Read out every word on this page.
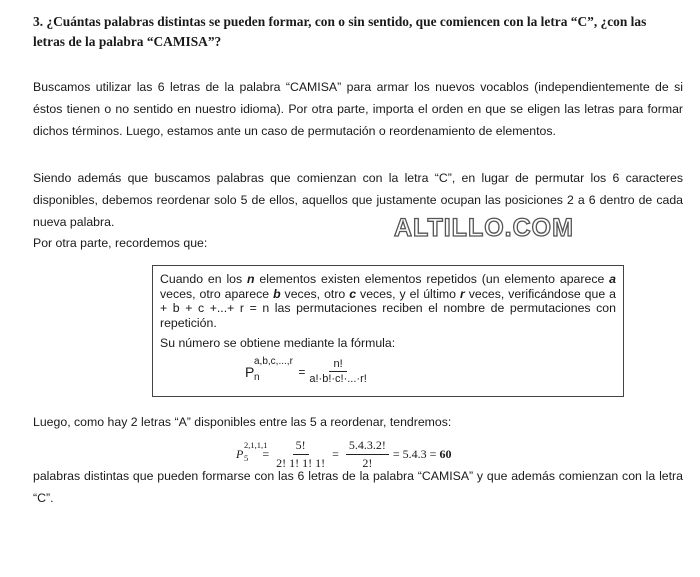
3. ¿Cuántas palabras distintas se pueden formar, con o sin sentido, que comiencen con la letra “C”, ¿con las letras de la palabra “CAMISA”?
Buscamos utilizar las 6 letras de la palabra “CAMISA” para armar los nuevos vocablos (independientemente de si éstos tienen o no sentido en nuestro idioma). Por otra parte, importa el orden en que se eligen las letras para formar dichos términos. Luego, estamos ante un caso de permutación o reordenamiento de elementos.
Siendo además que buscamos palabras que comienzan con la letra “C”, en lugar de permutar los 6 caracteres disponibles, debemos reordenar solo 5 de ellos, aquellos que justamente ocupan las posiciones 2 a 6 dentro de cada nueva palabra.
Por otra parte, recordemos que:
ALTILLO.COM

Cuando en los n elementos existen elementos repetidos (un elemento aparece a veces, otro aparece b veces, otro c veces, y el último r veces, verificándose que a + b + c +...+ r = n las permutaciones reciben el nombre de permutaciones con repetición.

Su número se obtiene mediante la fórmula:

P
a,b,c,...,r
n	= $\frac{n!}{a!\cdot b!\cdot c!\cdot...\cdot r!}$
Luego, como hay 2 letras “A” disponibles entre las 5 a reordenar, tendremos:
P
2,1,1,1
$5 = \frac{5!}{2! 1! 1! 1!} = \frac{5.4.3.2!}{2!} = 5.4.3 = 60$
palabras distintas que pueden formarse con las 6 letras de la palabra “CAMISA” y que además comienzan con la letra “C”.
